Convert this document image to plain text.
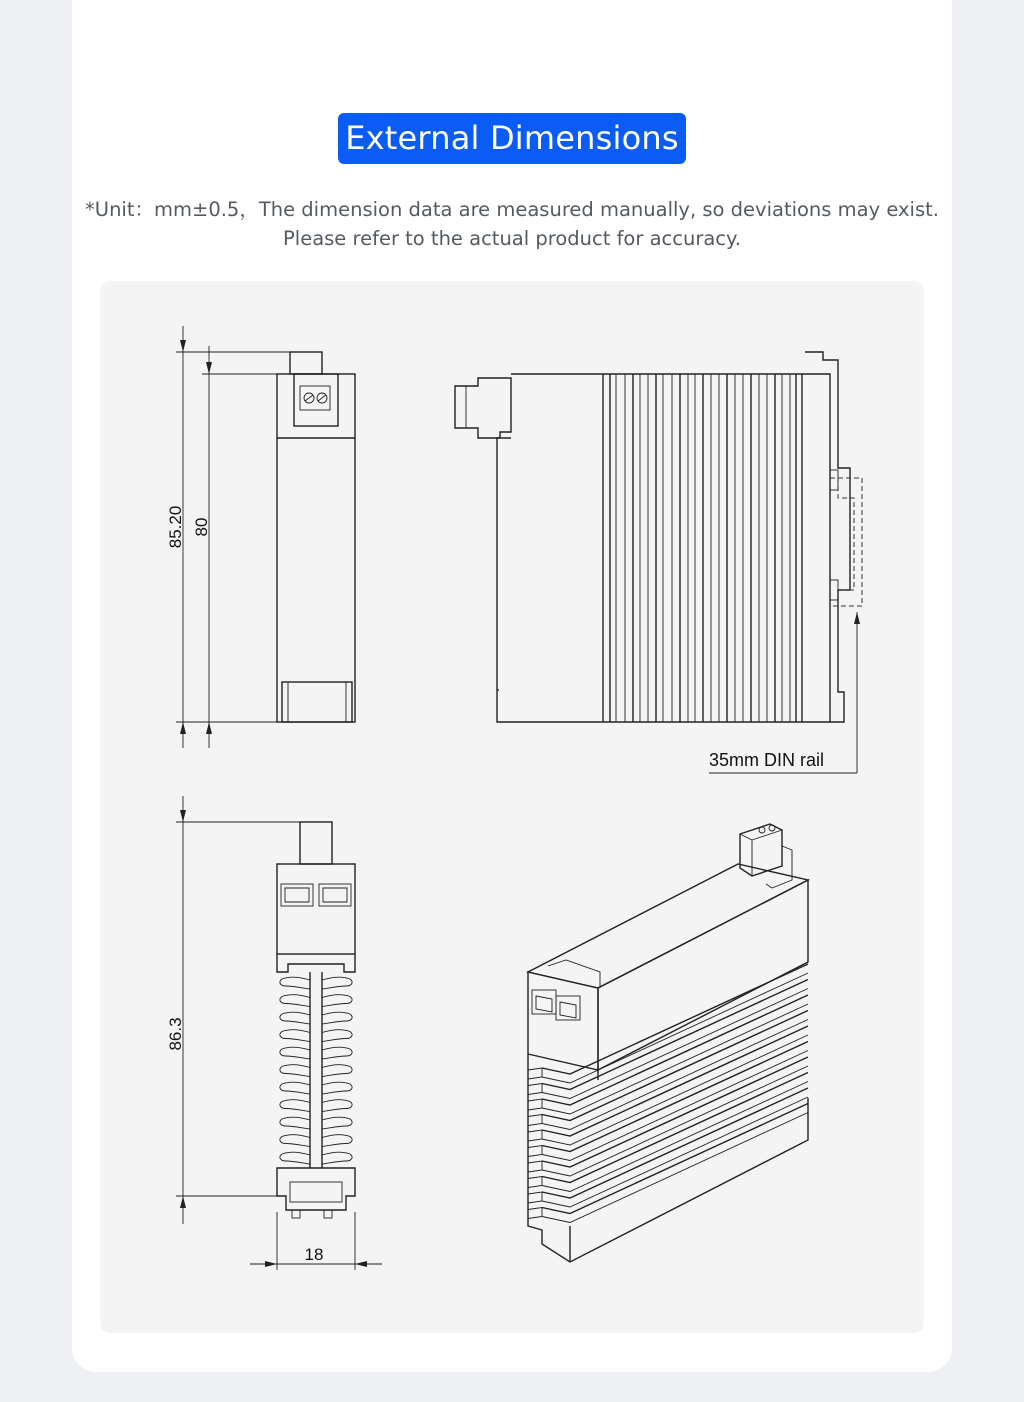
External Dimensions
*Unit：mm±0.5，The dimension data are measured manually, so deviations may exist.
Please refer to the actual product for accuracy.
85.20 80
35mm DIN rail
86.3
18
